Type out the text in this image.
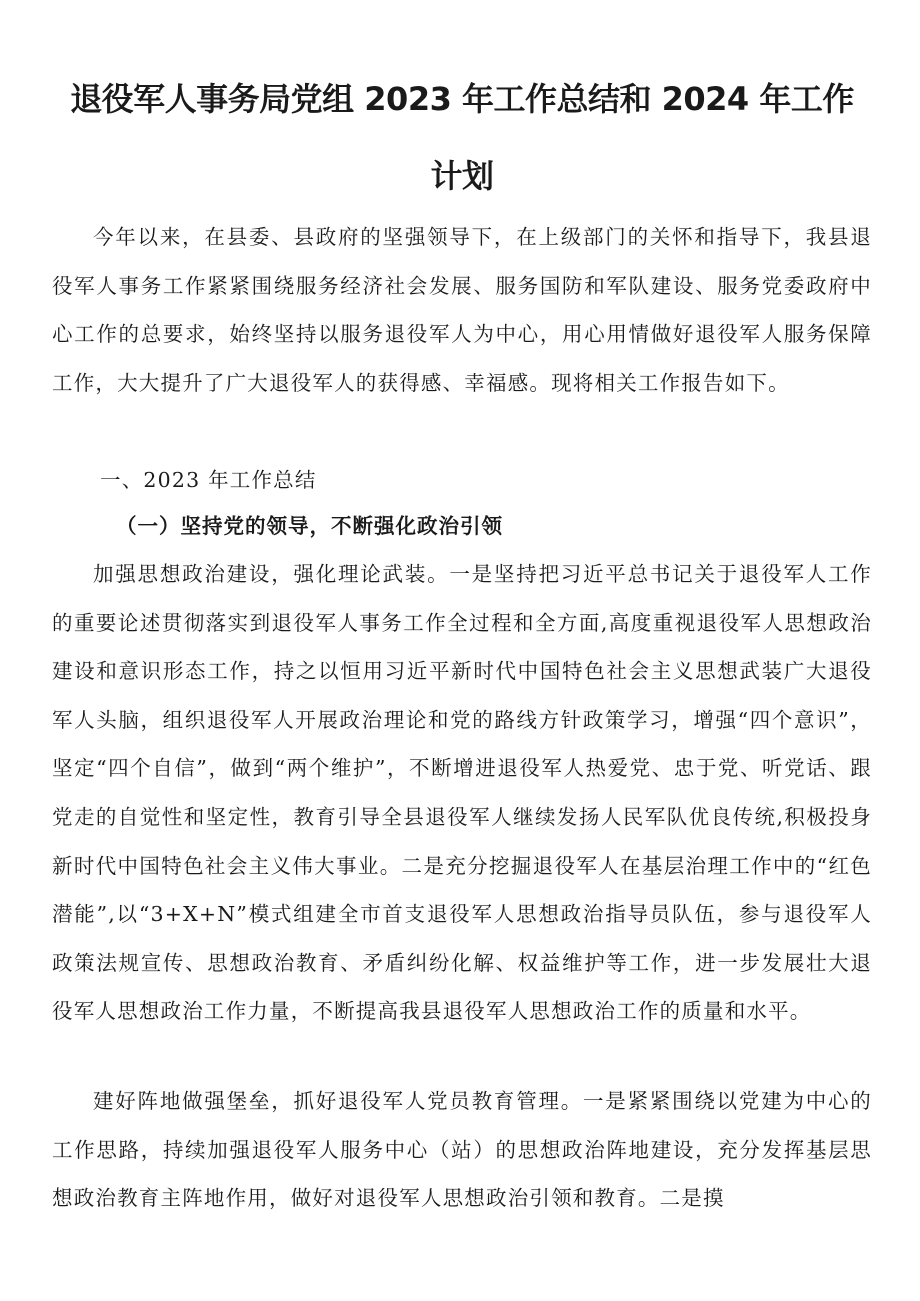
退役军人事务局党组 2023 年工作总结和 2024 年工作
计划

今年以来，在县委、县政府的坚强领导下，在上级部门的关怀和指导下，我县退役军人事务工作紧紧围绕服务经济社会发展、服务国防和军队建设、服务党委政府中心工作的总要求，始终坚持以服务退役军人为中心，用心用情做好退役军人服务保障工作，大大提升了广大退役军人的获得感、幸福感。现将相关工作报告如下。

一、2023 年工作总结

（一）坚持党的领导，不断强化政治引领

加强思想政治建设，强化理论武装。一是坚持把习近平总书记关于退役军人工作的重要论述贯彻落实到退役军人事务工作全过程和全方面,高度重视退役军人思想政治建设和意识形态工作，持之以恒用习近平新时代中国特色社会主义思想武装广大退役军人头脑，组织退役军人开展政治理论和党的路线方针政策学习，增强“四个意识”，坚定“四个自信”，做到“两个维护”，不断增进退役军人热爱党、忠于党、听党话、跟党走的自觉性和坚定性，教育引导全县退役军人继续发扬人民军队优良传统,积极投身新时代中国特色社会主义伟大事业。二是充分挖掘退役军人在基层治理工作中的“红色潜能”,以“3+X+N”模式组建全市首支退役军人思想政治指导员队伍，参与退役军人政策法规宣传、思想政治教育、矛盾纠纷化解、权益维护等工作，进一步发展壮大退役军人思想政治工作力量，不断提高我县退役军人思想政治工作的质量和水平。

建好阵地做强堡垒，抓好退役军人党员教育管理。一是紧紧围绕以党建为中心的工作思路，持续加强退役军人服务中心（站）的思想政治阵地建设，充分发挥基层思想政治教育主阵地作用，做好对退役军人思想政治引领和教育。二是摸
